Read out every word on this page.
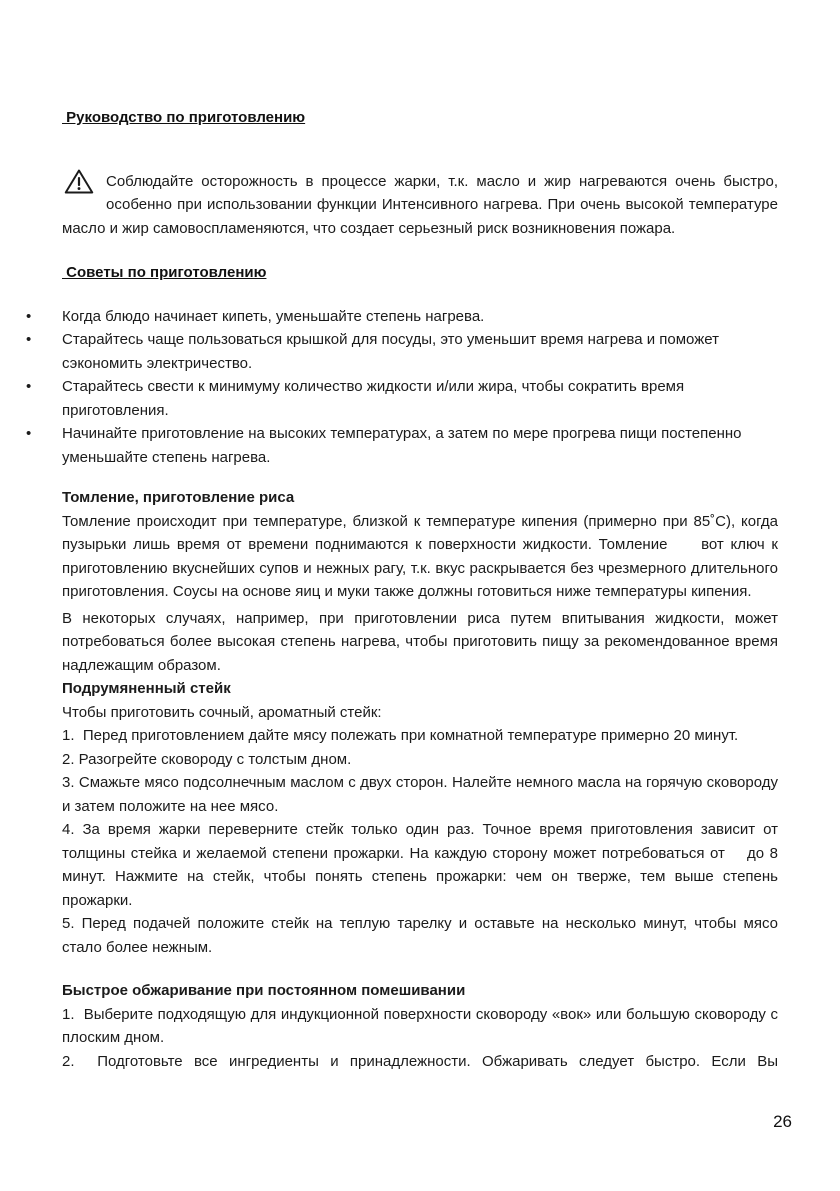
Руководство по приготовлению
Соблюдайте осторожность в процессе жарки, т.к. масло и жир нагреваются очень быстро, особенно при использовании функции Интенсивного нагрева. При очень высокой температуре масло и жир самовоспламеняются, что создает серьезный риск возникновения пожара.
Советы по приготовлению
• Когда блюдо начинает кипеть, уменьшайте степень нагрева.
• Старайтесь чаще пользоваться крышкой для посуды, это уменьшит время нагрева и поможет сэкономить электричество.
• Старайтесь свести к минимуму количество жидкости и/или жира, чтобы сократить время приготовления.
• Начинайте приготовление на высоких температурах, а затем по мере прогрева пищи постепенно уменьшайте степень нагрева.
Томление, приготовление риса

Томление происходит при температуре, близкой к температуре кипения (примерно при 85˚С), когда пузырьки лишь время от времени поднимаются к поверхности жидкости. Томление     вот ключ к приготовлению вкуснейших супов и нежных рагу, т.к. вкус раскрывается без чрезмерного длительного приготовления. Соусы на основе яиц и муки также должны готовиться ниже температуры кипения.

В некоторых случаях, например, при приготовлении риса путем впитывания жидкости, может потребоваться более высокая степень нагрева, чтобы приготовить пищу за рекомендованное время надлежащим образом.

Подрумяненный стейк

Чтобы приготовить сочный, ароматный стейк:

1.  Перед приготовлением дайте мясу полежать при комнатной температуре примерно 20 минут.

2. Разогрейте сковороду с толстым дном.

3. Смажьте мясо подсолнечным маслом с двух сторон. Налейте немного масла на горячую сковороду и затем положите на нее мясо.

4. За время жарки переверните стейк только один раз. Точное время приготовления зависит от толщины стейка и желаемой степени прожарки. На каждую сторону может потребоваться от    до 8 минут. Нажмите на стейк, чтобы понять степень прожарки: чем он тверже, тем выше степень прожарки.

5. Перед подачей положите стейк на теплую тарелку и оставьте на несколько минут, чтобы мясо стало более нежным.

Быстрое обжаривание при постоянном помешивании

1.  Выберите подходящую для индукционной поверхности сковороду «вок» или большую сковороду с плоским дном.

2.  Подготовьте все ингредиенты и принадлежности. Обжаривать следует быстро. Если Вы

26
